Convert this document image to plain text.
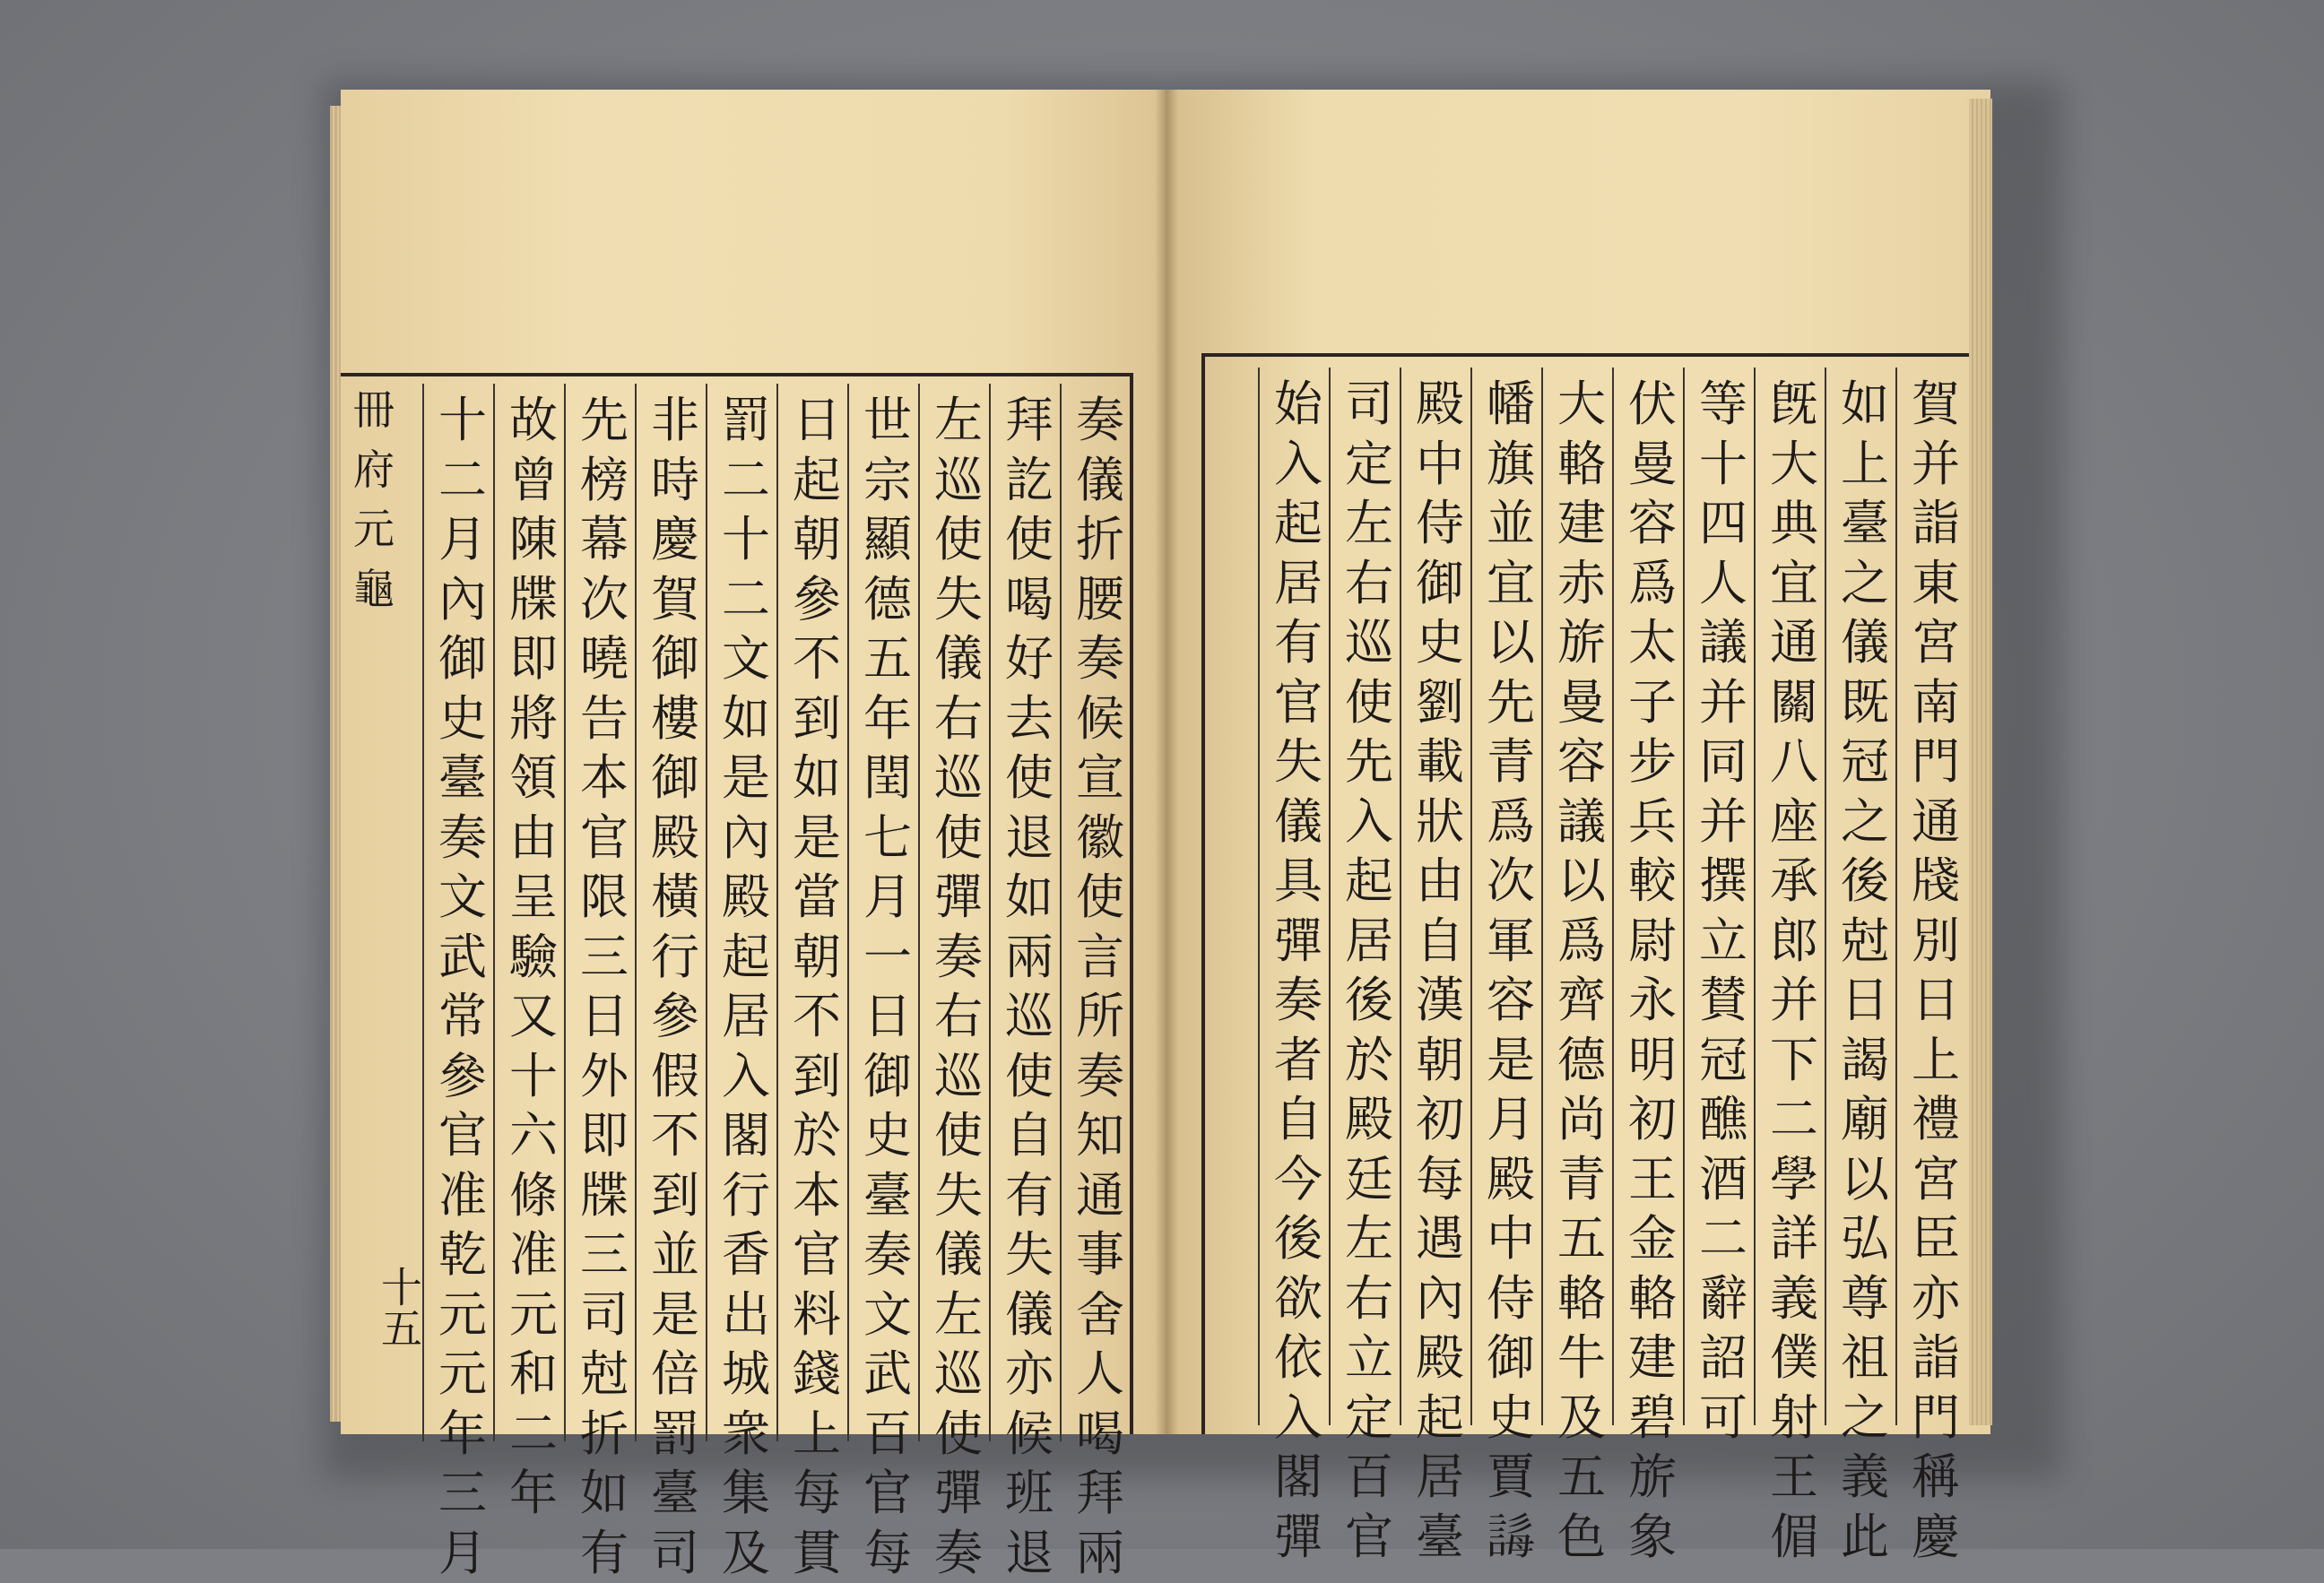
奏
儀
折
腰
奏
候
宣
徽
使
言
所
奏
知
通
事
舍
人
喝
拜
兩
拜
訖
使
喝
好
去
使
退
如
兩
巡
使
自
有
失
儀
亦
候
班
退
左
巡
使
失
儀
右
巡
使
彈
奏
右
巡
使
失
儀
左
巡
使
彈
奏
世
宗
顯
德
五
年
閏
七
月
一
日
御
史
臺
奏
文
武
百
官
每
日
起
朝
參
不
到
如
是
當
朝
不
到
於
本
官
料
錢
上
每
貫
罰
二
十
二
文
如
是
內
殿
起
居
入
閣
行
香
出
城
衆
集
及
非
時
慶
賀
御
樓
御
殿
橫
行
參
假
不
到
並
是
倍
罰
臺
司
先
榜
幕
次
曉
告
本
官
限
三
日
外
即
牒
三
司
尅
折
如
有
故
曾
陳
牒
即
將
領
由
呈
驗
又
十
六
條
准
元
和
二
年
十
二
月
內
御
史
臺
奏
文
武
常
參
官
准
乾
元
元
年
三
月
賀
并
詣
東
宮
南
門
通
牋
別
日
上
禮
宮
臣
亦
詣
門
稱
慶
如
上
臺
之
儀
既
冠
之
後
尅
日
謁
廟
以
弘
尊
祖
之
義
此
旣
大
典
宜
通
關
八
座
承
郎
并
下
二
學
詳
義
僕
射
王
𠋥
等
十
四
人
議
并
同
并
撰
立
賛
冠
醮
酒
二
辭
詔
可
伏
曼
容
爲
太
子
步
兵
較
尉
永
明
初
王
金
輅
建
碧
旂
象
大
輅
建
赤
旂
曼
容
議
以
爲
齊
德
尚
青
五
輅
牛
及
五
色
幡
旗
並
宜
以
先
青
爲
次
軍
容
是
月
殿
中
侍
御
史
賈
𧩒
殿
中
侍
御
史
劉
載
狀
由
自
漢
朝
初
每
遇
內
殿
起
居
臺
司
定
左
右
巡
使
先
入
起
居
後
於
殿
廷
左
右
立
定
百
官
始
入
起
居
有
官
失
儀
具
彈
奏
者
自
今
後
欲
依
入
閣
彈
冊
府
元
龜
十五
